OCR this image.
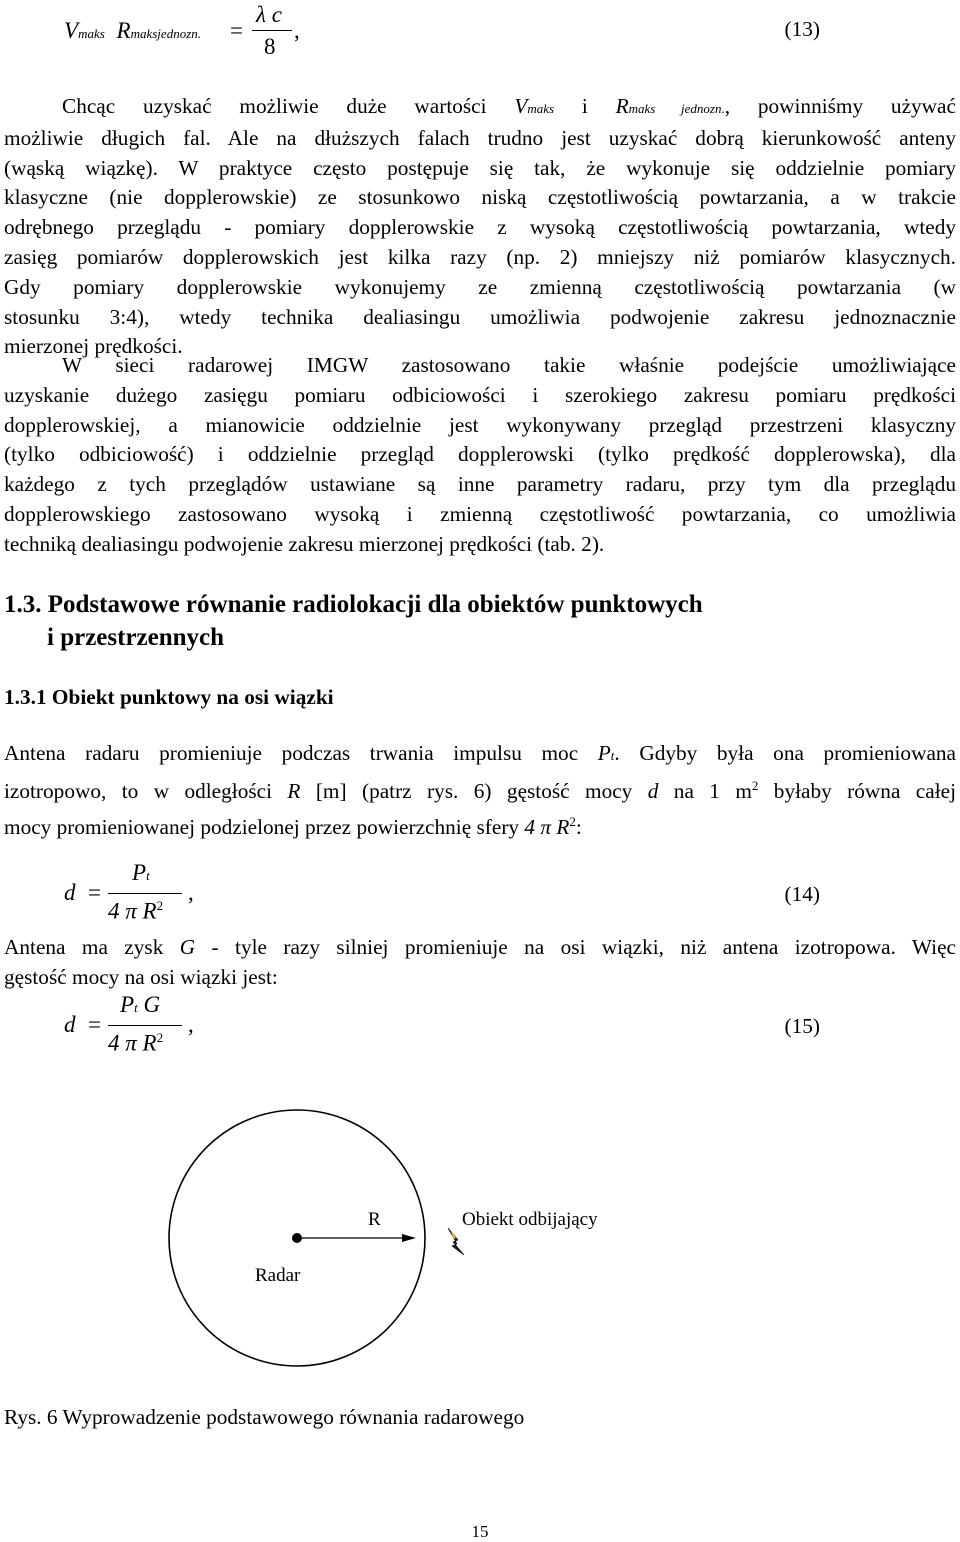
Vmaks Rmaksjednozn. =
λ c
8
,	(13)
Chcąc uzyskać możliwie duże wartości Vmaks i Rmaks jednozn., powinniśmy używać
możliwie długich fal. Ale na dłuższych falach trudno jest uzyskać dobrą kierunkowość anteny
(wąską wiązkę). W praktyce często postępuje się tak, że wykonuje się oddzielnie pomiary
klasyczne (nie dopplerowskie) ze stosunkowo niską częstotliwością powtarzania, a w trakcie
odrębnego przeglądu - pomiary dopplerowskie z wysoką częstotliwością powtarzania, wtedy
zasięg pomiarów dopplerowskich jest kilka razy (np. 2) mniejszy niż pomiarów klasycznych.
Gdy pomiary dopplerowskie wykonujemy ze zmienną częstotliwością powtarzania (w
stosunku 3:4), wtedy technika dealiasingu umożliwia podwojenie zakresu jednoznacznie
mierzonej prędkości.
W sieci radarowej IMGW zastosowano takie właśnie podejście umożliwiające
uzyskanie dużego zasięgu pomiaru odbiciowości i szerokiego zakresu pomiaru prędkości
dopplerowskiej, a mianowicie oddzielnie jest wykonywany przegląd przestrzeni klasyczny
(tylko odbiciowość) i oddzielnie przegląd dopplerowski (tylko prędkość dopplerowska), dla
każdego z tych przeglądów ustawiane są inne parametry radaru, przy tym dla przeglądu
dopplerowskiego zastosowano wysoką i zmienną częstotliwość powtarzania, co umożliwia
techniką dealiasingu podwojenie zakresu mierzonej prędkości (tab. 2).
1.3. Podstawowe równanie radiolokacji dla obiektów punktowych
i przestrzennych
1.3.1 Obiekt punktowy na osi wiązki
Antena radaru promieniuje podczas trwania impulsu moc Pt. Gdyby była ona promieniowana
izotropowo, to w odległości R [m] (patrz rys. 6) gęstość mocy d na 1 $m^2$ byłaby równa całej
mocy promieniowanej podzielonej przez powierzchnię sfery 4 π $R^2$:
d =
Pt
4 π $R^2$
,	(14)
Antena ma zysk G - tyle razy silniej promieniuje na osi wiązki, niż antena izotropowa. Więc
gęstość mocy na osi wiązki jest:
d =
Pt G
4 π $R^2$
,	(15)
R	Obiekt odbijający
Radar
Rys. 6 Wyprowadzenie podstawowego równania radarowego
15
